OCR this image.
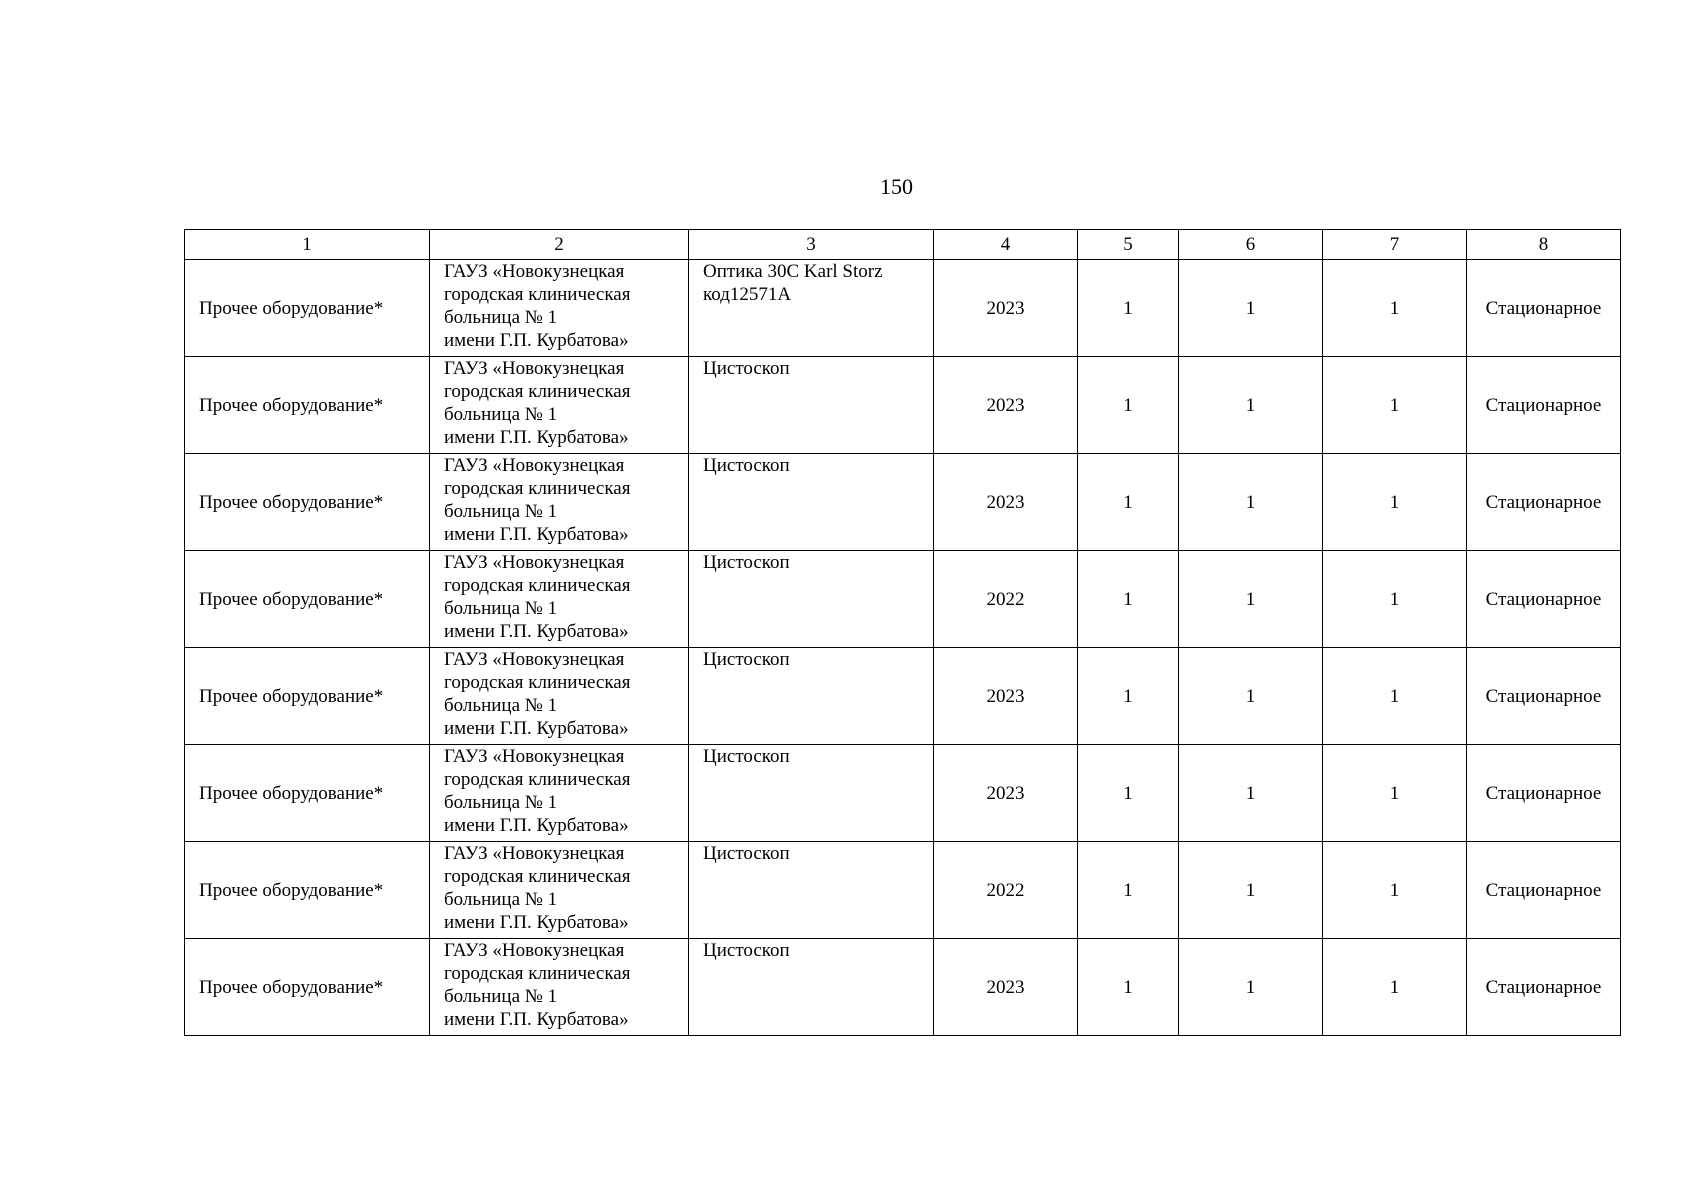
150
1	2	3	4	5	6	7	8
Прочее оборудование*	ГАУЗ «Новокузнецкая
городская клиническая
больница № 1
имени Г.П. Курбатова»	Оптика 30С Karl Storz
код12571А	2023	1	1	1	Стационарное
Прочее оборудование*	ГАУЗ «Новокузнецкая
городская клиническая
больница № 1
имени Г.П. Курбатова»	Цистоскоп	2023	1	1	1	Стационарное
Прочее оборудование*	ГАУЗ «Новокузнецкая
городская клиническая
больница № 1
имени Г.П. Курбатова»	Цистоскоп	2023	1	1	1	Стационарное
Прочее оборудование*	ГАУЗ «Новокузнецкая
городская клиническая
больница № 1
имени Г.П. Курбатова»	Цистоскоп	2022	1	1	1	Стационарное
Прочее оборудование*	ГАУЗ «Новокузнецкая
городская клиническая
больница № 1
имени Г.П. Курбатова»	Цистоскоп	2023	1	1	1	Стационарное
Прочее оборудование*	ГАУЗ «Новокузнецкая
городская клиническая
больница № 1
имени Г.П. Курбатова»	Цистоскоп	2023	1	1	1	Стационарное
Прочее оборудование*	ГАУЗ «Новокузнецкая
городская клиническая
больница № 1
имени Г.П. Курбатова»	Цистоскоп	2022	1	1	1	Стационарное
Прочее оборудование*	ГАУЗ «Новокузнецкая
городская клиническая
больница № 1
имени Г.П. Курбатова»	Цистоскоп	2023	1	1	1	Стационарное
